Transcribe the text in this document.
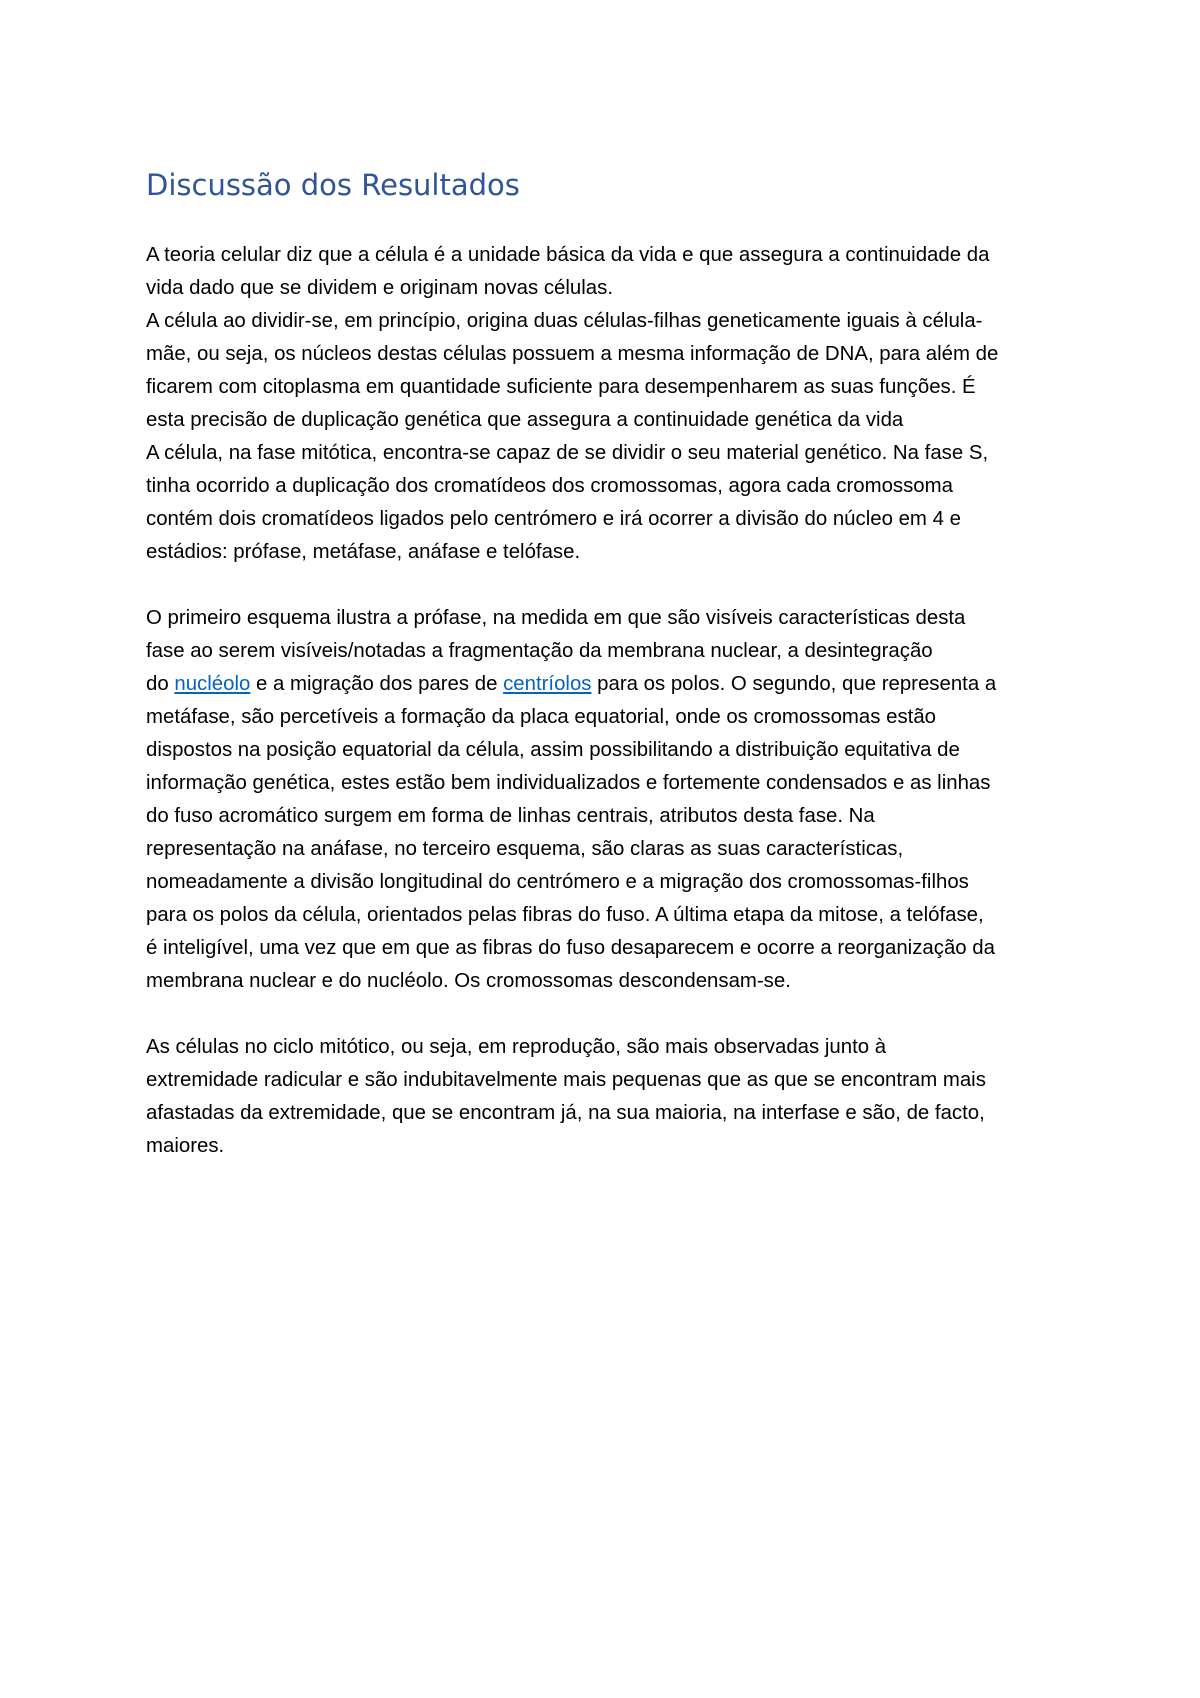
Discussão dos Resultados

A teoria celular diz que a célula é a unidade básica da vida e que assegura a continuidade da
vida dado que se dividem e originam novas células.
A célula ao dividir-se, em princípio, origina duas células-filhas geneticamente iguais à célula-
mãe, ou seja, os núcleos destas células possuem a mesma informação de DNA, para além de
ficarem com citoplasma em quantidade suficiente para desempenharem as suas funções. É
esta precisão de duplicação genética que assegura a continuidade genética da vida
A célula, na fase mitótica, encontra-se capaz de se dividir o seu material genético. Na fase S,
tinha ocorrido a duplicação dos cromatídeos dos cromossomas, agora cada cromossoma
contém dois cromatídeos ligados pelo centrómero e irá ocorrer a divisão do núcleo em 4 e
estádios: prófase, metáfase, anáfase e telófase.

O primeiro esquema ilustra a prófase, na medida em que são visíveis características desta
fase ao serem visíveis/notadas a fragmentação da membrana nuclear, a desintegração
do nucléolo e a migração dos pares de centríolos para os polos. O segundo, que representa a
metáfase, são percetíveis a formação da placa equatorial, onde os cromossomas estão
dispostos na posição equatorial da célula, assim possibilitando a distribuição equitativa de
informação genética, estes estão bem individualizados e fortemente condensados e as linhas
do fuso acromático surgem em forma de linhas centrais, atributos desta fase. Na
representação na anáfase, no terceiro esquema, são claras as suas características,
nomeadamente a divisão longitudinal do centrómero e a migração dos cromossomas-filhos
para os polos da célula, orientados pelas fibras do fuso. A última etapa da mitose, a telófase,
é inteligível, uma vez que em que as fibras do fuso desaparecem e ocorre a reorganização da
membrana nuclear e do nucléolo. Os cromossomas descondensam-se.

As células no ciclo mitótico, ou seja, em reprodução, são mais observadas junto à
extremidade radicular e são indubitavelmente mais pequenas que as que se encontram mais
afastadas da extremidade, que se encontram já, na sua maioria, na interfase e são, de facto,
maiores.
